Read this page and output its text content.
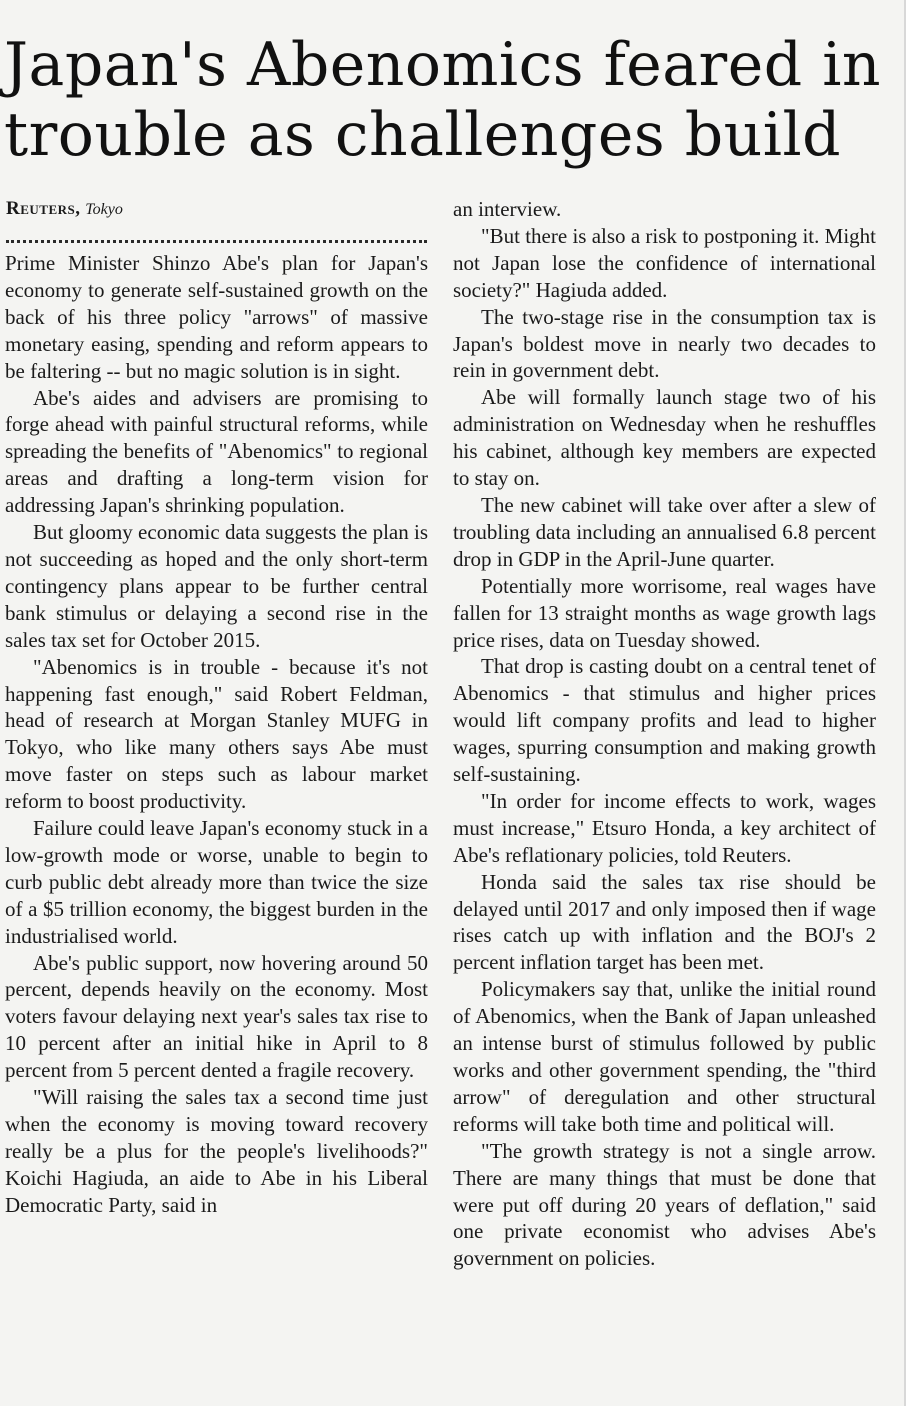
Japan's Abenomics feared in trouble as challenges build
Reuters, Tokyo

Prime Minister Shinzo Abe's plan for Japan's economy to generate self-sustained growth on the back of his three policy "arrows" of massive monetary easing, spending and reform appears to be faltering -- but no magic solution is in sight.

Abe's aides and advisers are promising to forge ahead with painful structural reforms, while spreading the benefits of "Abenomics" to regional areas and drafting a long-term vision for addressing Japan's shrinking population.

But gloomy economic data suggests the plan is not succeeding as hoped and the only short-term contingency plans appear to be further central bank stimulus or delaying a second rise in the sales tax set for October 2015.

"Abenomics is in trouble - because it's not happening fast enough," said Robert Feldman, head of research at Morgan Stanley MUFG in Tokyo, who like many others says Abe must move faster on steps such as labour market reform to boost productivity.

Failure could leave Japan's economy stuck in a low-growth mode or worse, unable to begin to curb public debt already more than twice the size of a $5 trillion economy, the biggest burden in the industrialised world.

Abe's public support, now hovering around 50 percent, depends heavily on the economy. Most voters favour delaying next year's sales tax rise to 10 percent after an initial hike in April to 8 percent from 5 percent dented a fragile recovery.

"Will raising the sales tax a second time just when the economy is moving toward recovery really be a plus for the people's livelihoods?" Koichi Hagiuda, an aide to Abe in his Liberal Democratic Party, said in

an interview.

"But there is also a risk to postponing it. Might not Japan lose the confidence of international society?" Hagiuda added.

The two-stage rise in the consumption tax is Japan's boldest move in nearly two decades to rein in government debt.

Abe will formally launch stage two of his administration on Wednesday when he reshuffles his cabinet, although key members are expected to stay on.

The new cabinet will take over after a slew of troubling data including an annualised 6.8 percent drop in GDP in the April-June quarter.

Potentially more worrisome, real wages have fallen for 13 straight months as wage growth lags price rises, data on Tuesday showed.

That drop is casting doubt on a central tenet of Abenomics - that stimulus and higher prices would lift company profits and lead to higher wages, spurring consumption and making growth self-sustaining.

"In order for income effects to work, wages must increase," Etsuro Honda, a key architect of Abe's reflationary policies, told Reuters.

Honda said the sales tax rise should be delayed until 2017 and only imposed then if wage rises catch up with inflation and the BOJ's 2 percent inflation target has been met.

Policymakers say that, unlike the initial round of Abenomics, when the Bank of Japan unleashed an intense burst of stimulus followed by public works and other government spending, the "third arrow" of deregulation and other structural reforms will take both time and political will.

"The growth strategy is not a single arrow. There are many things that must be done that were put off during 20 years of deflation," said one private economist who advises Abe's government on policies.
